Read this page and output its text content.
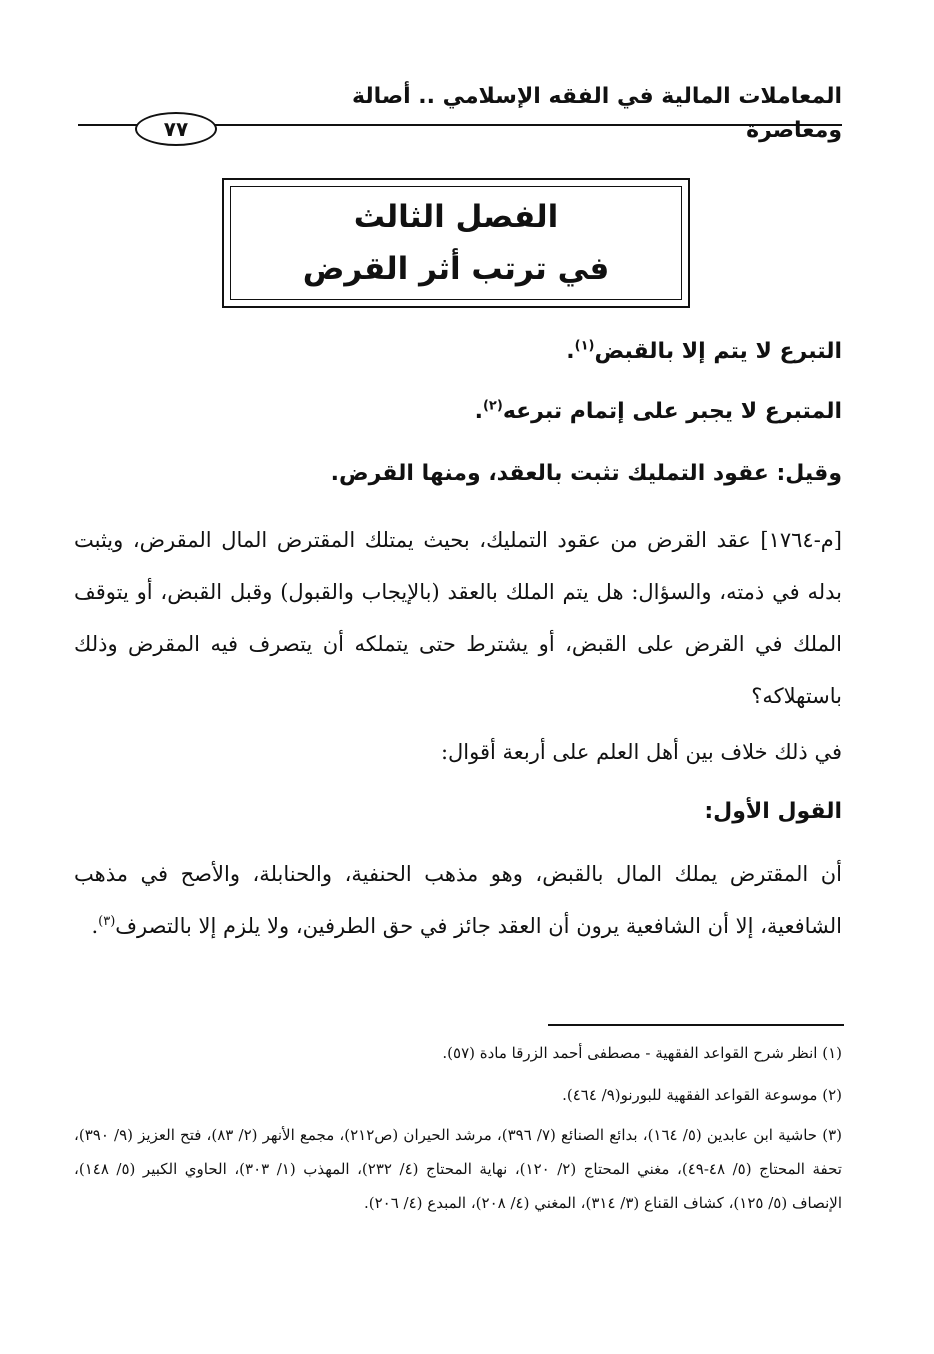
المعاملات المالية في الفقه الإسلامي .. أصالة ومعاصرة
٧٧
الفصل الثالث
في ترتب أثر القرض
التبرع لا يتم إلا بالقبض$^{(١)}$.
المتبرع لا يجبر على إتمام تبرعه$^{(٢)}$.
وقيل: عقود التمليك تثبت بالعقد، ومنها القرض.
[م-١٧٦٤] عقد القرض من عقود التمليك، بحيث يمتلك المقترض المال المقرض، ويثبت بدله في ذمته، والسؤال: هل يتم الملك بالعقد (بالإيجاب والقبول) وقبل القبض، أو يتوقف الملك في القرض على القبض، أو يشترط حتى يتملكه أن يتصرف فيه المقرض وذلك باستهلاكه؟
في ذلك خلاف بين أهل العلم على أربعة أقوال:
القول الأول:
أن المقترض يملك المال بالقبض، وهو مذهب الحنفية، والحنابلة، والأصح في مذهب الشافعية، إلا أن الشافعية يرون أن العقد جائز في حق الطرفين، ولا يلزم إلا بالتصرف$^{(٣)}$.
(١) انظر شرح القواعد الفقهية - مصطفى أحمد الزرقا مادة (٥٧).
(٢) موسوعة القواعد الفقهية للبورنو(٩/ ٤٦٤).
(٣) حاشية ابن عابدين (٥/ ١٦٤)، بدائع الصنائع (٧/ ٣٩٦)، مرشد الحيران (ص٢١٢)، مجمع الأنهر (٢/ ٨٣)، فتح العزيز (٩/ ٣٩٠)، تحفة المحتاج (٥/ ٤٨-٤٩)، مغني المحتاج (٢/ ١٢٠)، نهاية المحتاج (٤/ ٢٣٢)، المهذب (١/ ٣٠٣)، الحاوي الكبير (٥/ ١٤٨)، الإنصاف (٥/ ١٢٥)، كشاف القناع (٣/ ٣١٤)، المغني (٤/ ٢٠٨)، المبدع (٤/ ٢٠٦).
